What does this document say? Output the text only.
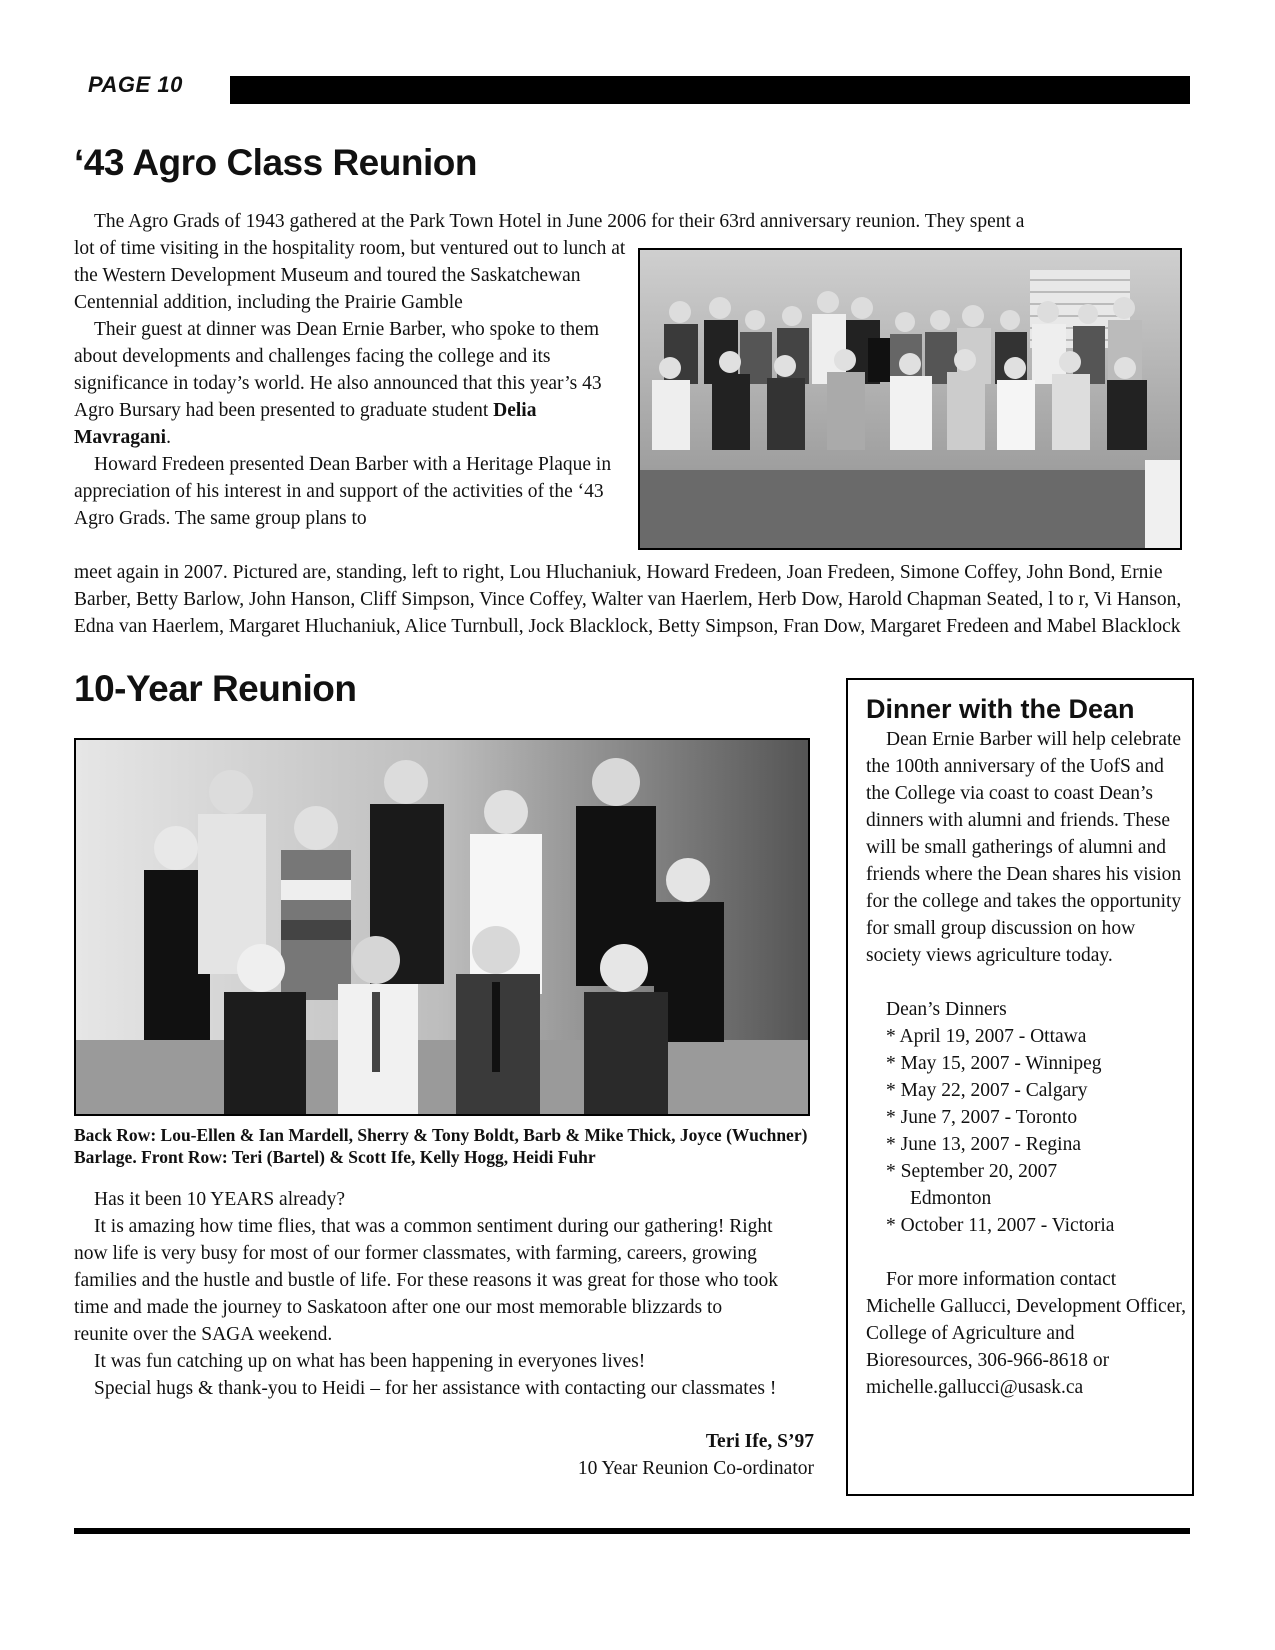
PAGE 10
‘43 Agro Class Reunion
The Agro Grads of 1943 gathered at the Park Town Hotel in June 2006 for their 63rd anniversary reunion. They spent a
lot of time visiting in the hospitality room, but ventured out to lunch at the Western Development Museum and toured the Saskatchewan Centennial addition, including the Prairie Gamble

Their guest at dinner was Dean Ernie Barber, who spoke to them about developments and challenges facing the college and its significance in today’s world. He also announced that this year’s 43 Agro Bursary had been presented to graduate student Delia Mavragani.

Howard Fredeen presented Dean Barber with a Heritage Plaque in appreciation of his interest in and support of the activities of the ‘43 Agro Grads. The same group plans to

meet again in 2007. Pictured are, standing, left to right, Lou Hluchaniuk, Howard Fredeen, Joan Fredeen, Simone Coffey, John Bond, Ernie Barber, Betty Barlow, John Hanson, Cliff Simpson, Vince Coffey, Walter van Haerlem, Herb Dow, Harold Chapman Seated, l to r, Vi Hanson, Edna van Haerlem, Margaret Hluchaniuk, Alice Turnbull, Jock Blacklock, Betty Simpson, Fran Dow, Margaret Fredeen and Mabel Blacklock
10-Year Reunion
Back Row: Lou-Ellen & Ian Mardell, Sherry & Tony Boldt, Barb & Mike Thick, Joyce (Wuchner) Barlage. Front Row: Teri (Bartel) & Scott Ife, Kelly Hogg, Heidi Fuhr

Has it been 10 YEARS already?

It is amazing how time flies, that was a common sentiment during our gathering! Right now life is very busy for most of our former classmates, with farming, careers, growing families and the hustle and bustle of life. For these reasons it was great for those who took time and made the journey to Saskatoon after one our most memorable blizzards to reunite over the SAGA weekend.

It was fun catching up on what has been happening in everyones lives!

Special hugs & thank-you to Heidi – for her assistance with contacting our classmates !

Teri Ife, S’97
10 Year Reunion Co-ordinator
Dinner with the Dean

Dean Ernie Barber will help celebrate the 100th anniversary of the UofS and the College via coast to coast Dean’s dinners with alumni and friends. These will be small gatherings of alumni and friends where the Dean shares his vision for the college and takes the opportunity for small group discussion on how society views agriculture today.

Dean’s Dinners
* April 19, 2007 - Ottawa
* May 15, 2007 - Winnipeg
* May 22, 2007 - Calgary
* June 7, 2007 - Toronto
* June 13, 2007 - Regina
* September 20, 2007
Edmonton
* October 11, 2007 - Victoria

For more information contact Michelle Gallucci, Development Officer, College of Agriculture and Bioresources, 306-966-8618 or michelle.gallucci@usask.ca
